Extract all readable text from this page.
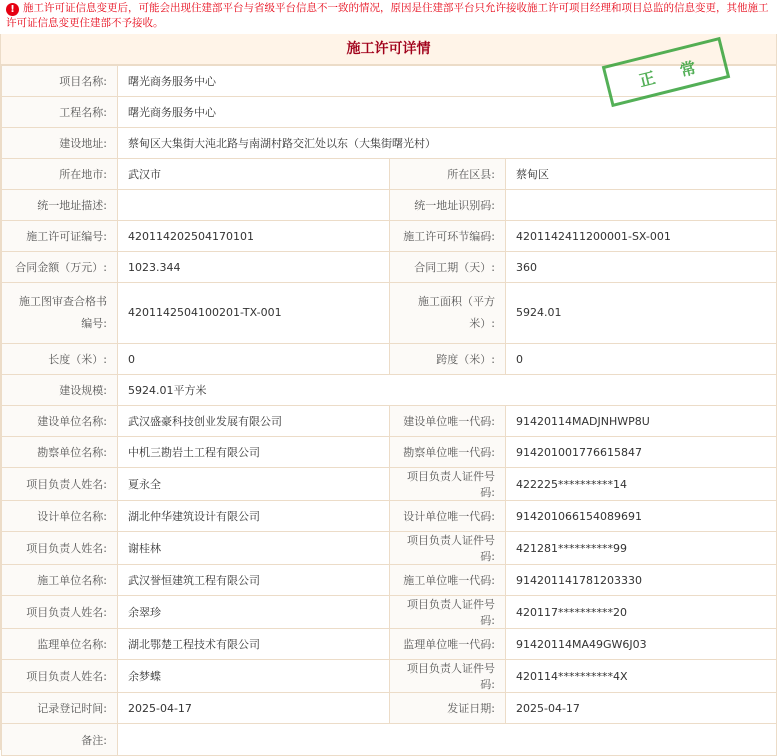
! 施工许可证信息变更后，可能会出现住建部平台与省级平台信息不一致的情况，原因是住建部平台只允许接收施工许可项目经理和项目总监的信息变更，其他施工许可证信息变更住建部不予接收。
施工许可详情
正 常
项目名称:	曙光商务服务中心		
工程名称:	曙光商务服务中心		
建设地址:	蔡甸区大集街大沌北路与南湖村路交汇处以东（大集街曙光村）		
所在地市:	武汉市	所在区县:	蔡甸区
统一地址描述:		统一地址识别码:	
施工许可证编号:	420114202504170101	施工许可环节编码:	4201142411200001-SX-001
合同金额（万元）:	1023.344	合同工期（天）:	360
施工图审查合格书编号:	4201142504100201-TX-001	施工面积（平方米）:	5924.01
长度（米）:	0	跨度（米）:	0
建设规模:	5924.01平方米		
建设单位名称:	武汉盛豪科技创业发展有限公司	建设单位唯一代码:	91420114MADJNHWP8U
勘察单位名称:	中机三勘岩土工程有限公司	勘察单位唯一代码:	914201001776615847
项目负责人姓名:	夏永全	项目负责人证件号码:	422225**********14
设计单位名称:	湖北仲华建筑设计有限公司	设计单位唯一代码:	914201066154089691
项目负责人姓名:	谢桂林	项目负责人证件号码:	421281**********99
施工单位名称:	武汉誉恒建筑工程有限公司	施工单位唯一代码:	914201141781203330
项目负责人姓名:	余翠珍	项目负责人证件号码:	420117**********20
监理单位名称:	湖北鄂楚工程技术有限公司	监理单位唯一代码:	91420114MA49GW6J03
项目负责人姓名:	余梦蝶	项目负责人证件号码:	420114**********4X
记录登记时间:	2025-04-17	发证日期:	2025-04-17
备注:			
